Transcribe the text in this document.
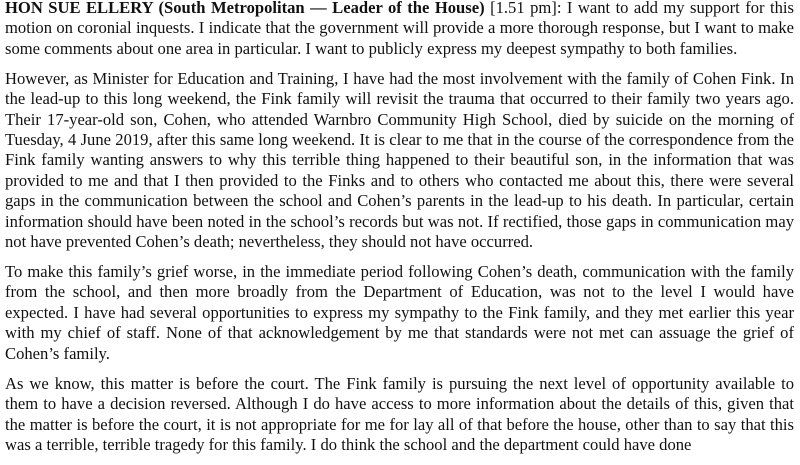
HON SUE ELLERY (South Metropolitan — Leader of the House) [1.51 pm]: I want to add my support for this motion on coronial inquests. I indicate that the government will provide a more thorough response, but I want to make some comments about one area in particular. I want to publicly express my deepest sympathy to both families.

However, as Minister for Education and Training, I have had the most involvement with the family of Cohen Fink. In the lead-up to this long weekend, the Fink family will revisit the trauma that occurred to their family two years ago. Their 17-year-old son, Cohen, who attended Warnbro Community High School, died by suicide on the morning of Tuesday, 4 June 2019, after this same long weekend. It is clear to me that in the course of the correspondence from the Fink family wanting answers to why this terrible thing happened to their beautiful son, in the information that was provided to me and that I then provided to the Finks and to others who contacted me about this, there were several gaps in the communication between the school and Cohen’s parents in the lead-up to his death. In particular, certain information should have been noted in the school’s records but was not. If rectified, those gaps in communication may not have prevented Cohen’s death; nevertheless, they should not have occurred.

To make this family’s grief worse, in the immediate period following Cohen’s death, communication with the family from the school, and then more broadly from the Department of Education, was not to the level I would have expected. I have had several opportunities to express my sympathy to the Fink family, and they met earlier this year with my chief of staff. None of that acknowledgement by me that standards were not met can assuage the grief of Cohen’s family.

As we know, this matter is before the court. The Fink family is pursuing the next level of opportunity available to them to have a decision reversed. Although I do have access to more information about the details of this, given that the matter is before the court, it is not appropriate for me for lay all of that before the house, other than to say that this was a terrible, terrible tragedy for this family. I do think the school and the department could have done
